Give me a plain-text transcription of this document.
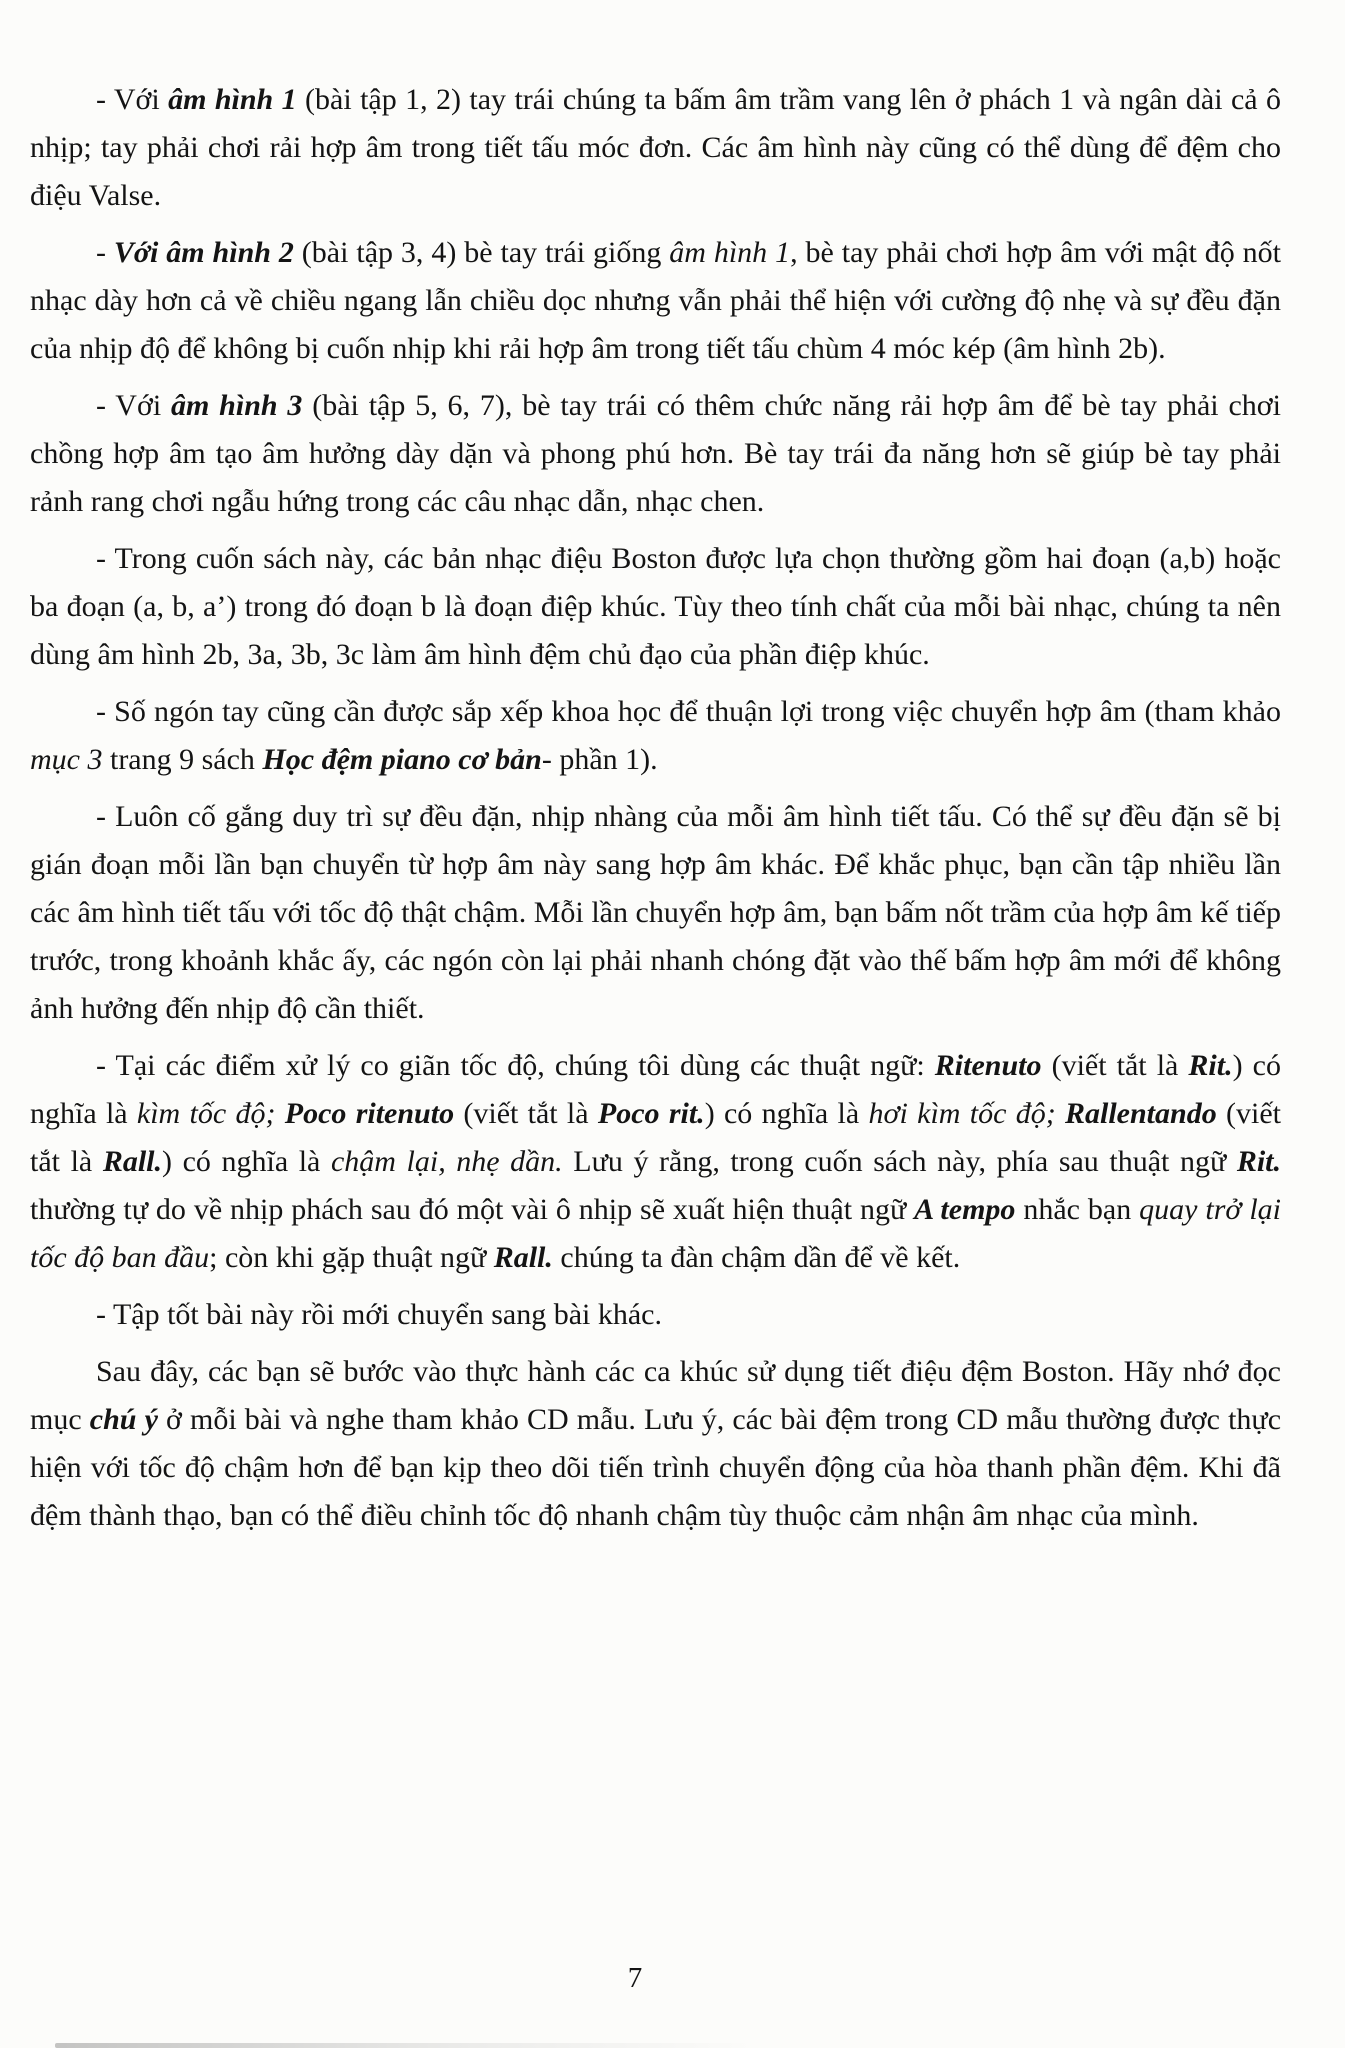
- Với âm hình 1 (bài tập 1, 2) tay trái chúng ta bấm âm trầm vang lên ở phách 1 và ngân dài cả ô nhịp; tay phải chơi rải hợp âm trong tiết tấu móc đơn. Các âm hình này cũng có thể dùng để đệm cho điệu Valse.

- Với âm hình 2 (bài tập 3, 4) bè tay trái giống âm hình 1, bè tay phải chơi hợp âm với mật độ nốt nhạc dày hơn cả về chiều ngang lẫn chiều dọc nhưng vẫn phải thể hiện với cường độ nhẹ và sự đều đặn của nhịp độ để không bị cuốn nhịp khi rải hợp âm trong tiết tấu chùm 4 móc kép (âm hình 2b).

- Với âm hình 3 (bài tập 5, 6, 7), bè tay trái có thêm chức năng rải hợp âm để bè tay phải chơi chồng hợp âm tạo âm hưởng dày dặn và phong phú hơn. Bè tay trái đa năng hơn sẽ giúp bè tay phải rảnh rang chơi ngẫu hứng trong các câu nhạc dẫn, nhạc chen.

- Trong cuốn sách này, các bản nhạc điệu Boston được lựa chọn thường gồm hai đoạn (a,b) hoặc ba đoạn (a, b, a’) trong đó đoạn b là đoạn điệp khúc. Tùy theo tính chất của mỗi bài nhạc, chúng ta nên dùng âm hình 2b, 3a, 3b, 3c làm âm hình đệm chủ đạo của phần điệp khúc.

- Số ngón tay cũng cần được sắp xếp khoa học để thuận lợi trong việc chuyển hợp âm (tham khảo mục 3 trang 9 sách Học đệm piano cơ bản- phần 1).

- Luôn cố gắng duy trì sự đều đặn, nhịp nhàng của mỗi âm hình tiết tấu. Có thể sự đều đặn sẽ bị gián đoạn mỗi lần bạn chuyển từ hợp âm này sang hợp âm khác. Để khắc phục, bạn cần tập nhiều lần các âm hình tiết tấu với tốc độ thật chậm. Mỗi lần chuyển hợp âm, bạn bấm nốt trầm của hợp âm kế tiếp trước, trong khoảnh khắc ấy, các ngón còn lại phải nhanh chóng đặt vào thế bấm hợp âm mới để không ảnh hưởng đến nhịp độ cần thiết.

- Tại các điểm xử lý co giãn tốc độ, chúng tôi dùng các thuật ngữ: Ritenuto (viết tắt là Rit.) có nghĩa là kìm tốc độ; Poco ritenuto (viết tắt là Poco rit.) có nghĩa là hơi kìm tốc độ; Rallentando (viết tắt là Rall.) có nghĩa là chậm lại, nhẹ dần. Lưu ý rằng, trong cuốn sách này, phía sau thuật ngữ Rit. thường tự do về nhịp phách sau đó một vài ô nhịp sẽ xuất hiện thuật ngữ A tempo nhắc bạn quay trở lại tốc độ ban đầu; còn khi gặp thuật ngữ Rall. chúng ta đàn chậm dần để về kết.

- Tập tốt bài này rồi mới chuyển sang bài khác.

Sau đây, các bạn sẽ bước vào thực hành các ca khúc sử dụng tiết điệu đệm Boston. Hãy nhớ đọc mục chú ý ở mỗi bài và nghe tham khảo CD mẫu. Lưu ý, các bài đệm trong CD mẫu thường được thực hiện với tốc độ chậm hơn để bạn kịp theo dõi tiến trình chuyển động của hòa thanh phần đệm. Khi đã đệm thành thạo, bạn có thể điều chỉnh tốc độ nhanh chậm tùy thuộc cảm nhận âm nhạc của mình.

7
